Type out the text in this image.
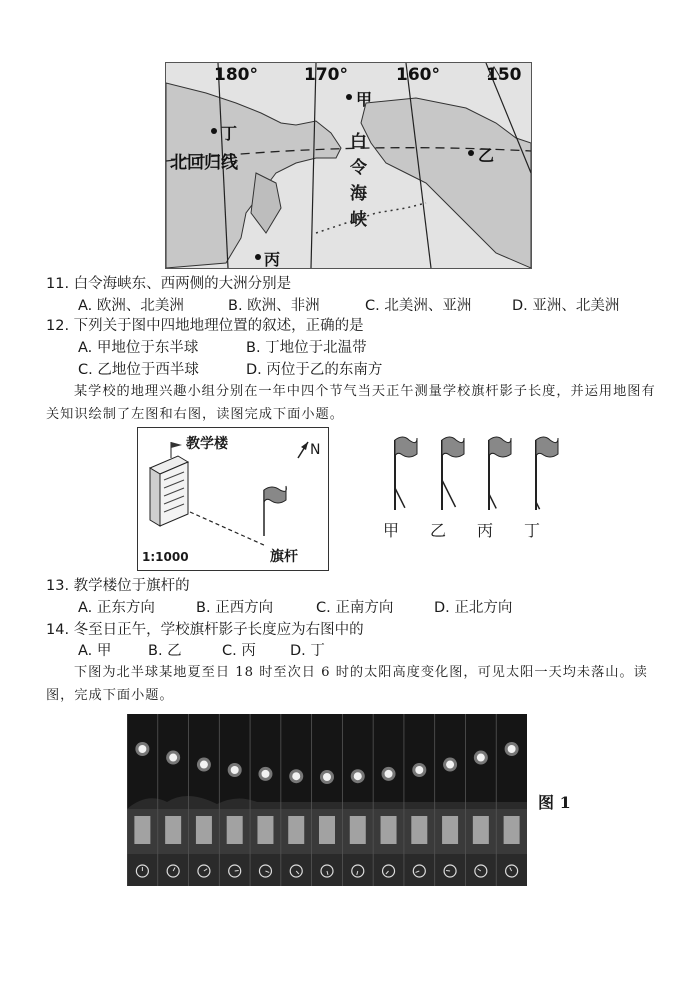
180°	170°	160°	150
甲
丁
乙
丙
北回归线
白
令
海
峡
11. 白令海峡东、西两侧的大洲分别是
A. 欧洲、北美洲	B. 欧洲、非洲	C. 北美洲、亚洲	D. 亚洲、北美洲
12. 下列关于图中四地地理位置的叙述，正确的是
A. 甲地位于东半球	B. 丁地位于北温带
C. 乙地位于西半球	D. 丙位于乙的东南方
某学校的地理兴趣小组分别在一年中四个节气当天正午测量学校旗杆影子长度，并运用地图有关知识绘制了左图和右图，读图完成下面小题。
教学楼	N
1:1000	旗杆
甲 乙 丙 丁
13. 教学楼位于旗杆的
A. 正东方向	B. 正西方向	C. 正南方向	D. 正北方向
14. 冬至日正午，学校旗杆影子长度应为右图中的
A. 甲	B. 乙	C. 丙 D. 丁
下图为北半球某地夏至日 18 时至次日 6 时的太阳高度变化图，可见太阳一天均未落山。读图，完成下面小题。
图 1
